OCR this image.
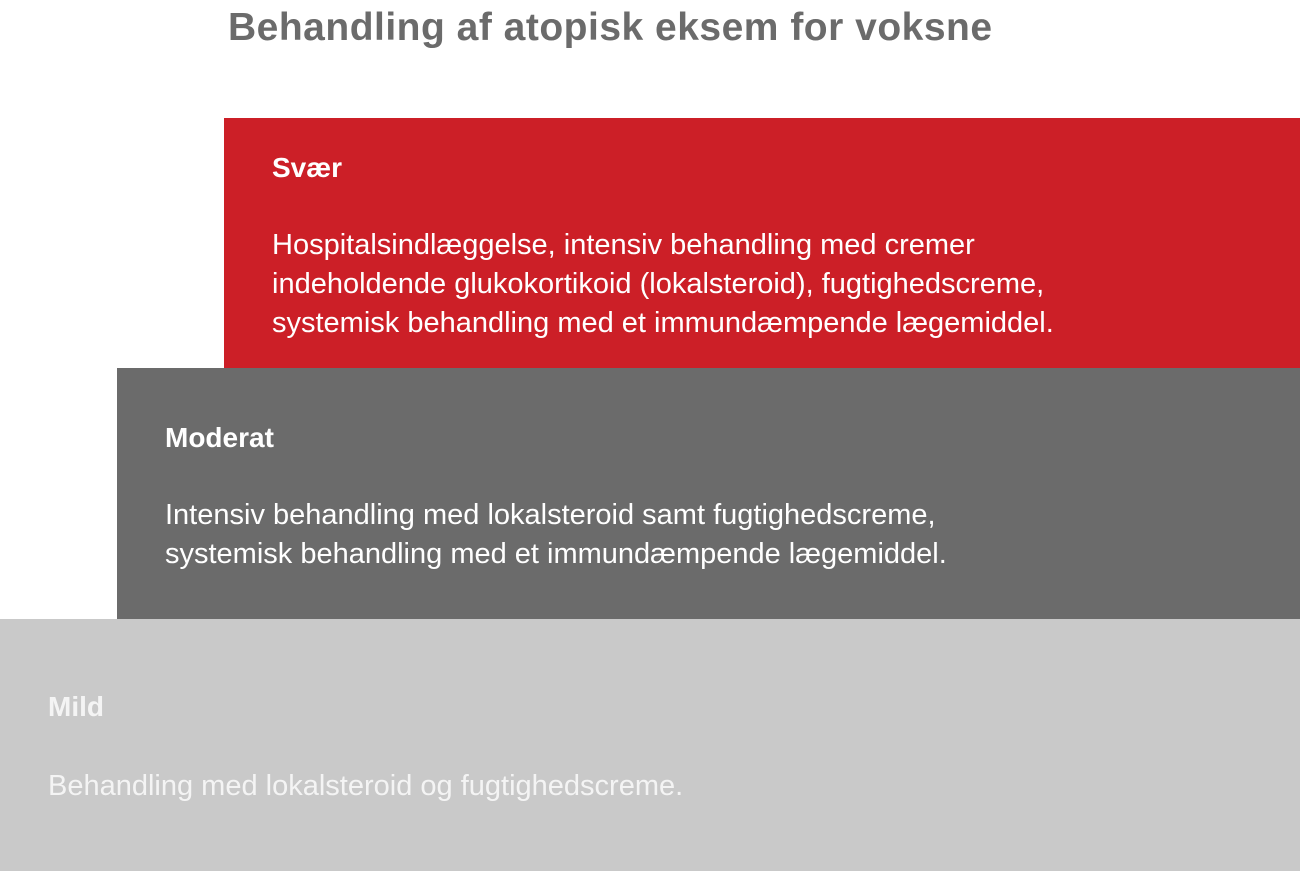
Behandling af atopisk eksem for voksne
Svær

Hospitalsindlæggelse, intensiv behandling med cremer
indeholdende glukokortikoid (lokalsteroid), fugtighedscreme,
systemisk behandling med et immundæmpende lægemiddel.

Moderat

Intensiv behandling med lokalsteroid samt fugtighedscreme,
systemisk behandling med et immundæmpende lægemiddel.

Mild

Behandling med lokalsteroid og fugtighedscreme.
